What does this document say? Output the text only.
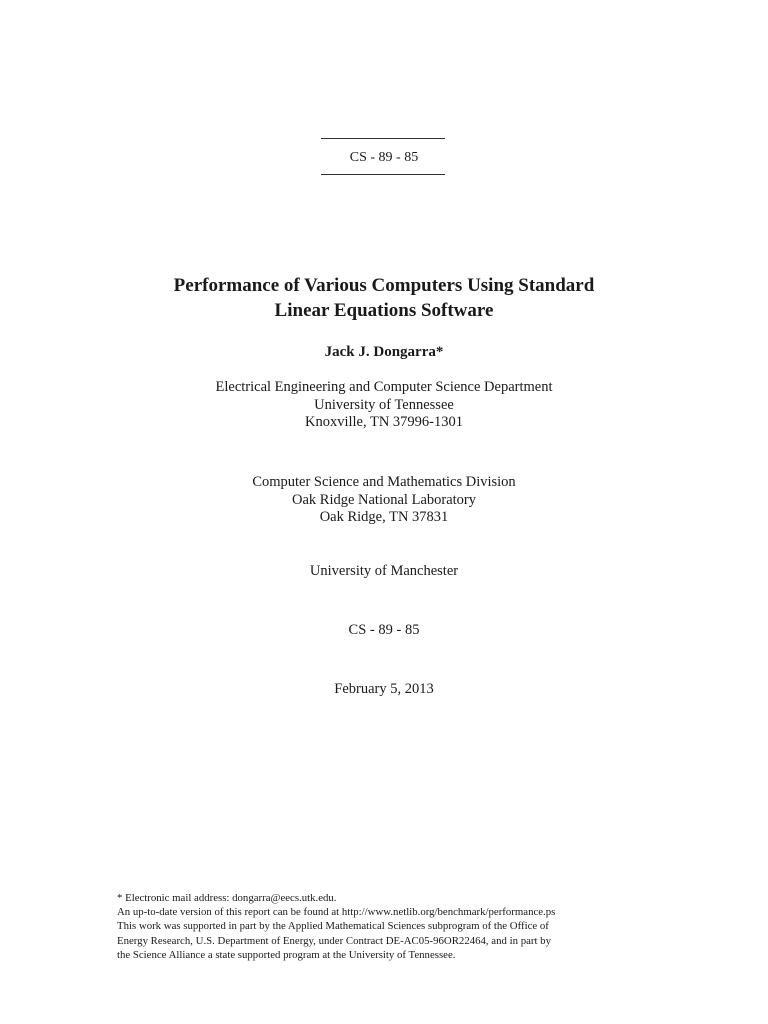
CS - 89 - 85
Performance of Various Computers Using Standard
Linear Equations Software
Jack J. Dongarra*
Electrical Engineering and Computer Science Department
University of Tennessee
Knoxville, TN 37996-1301
Computer Science and Mathematics Division
Oak Ridge National Laboratory
Oak Ridge, TN 37831
University of Manchester
CS - 89 - 85
February 5, 2013
* Electronic mail address: dongarra@eecs.utk.edu.
An up-to-date version of this report can be found at http://www.netlib.org/benchmark/performance.ps
This work was supported in part by the Applied Mathematical Sciences subprogram of the Office of
Energy Research, U.S. Department of Energy, under Contract DE-AC05-96OR22464, and in part by
the Science Alliance a state supported program at the University of Tennessee.
